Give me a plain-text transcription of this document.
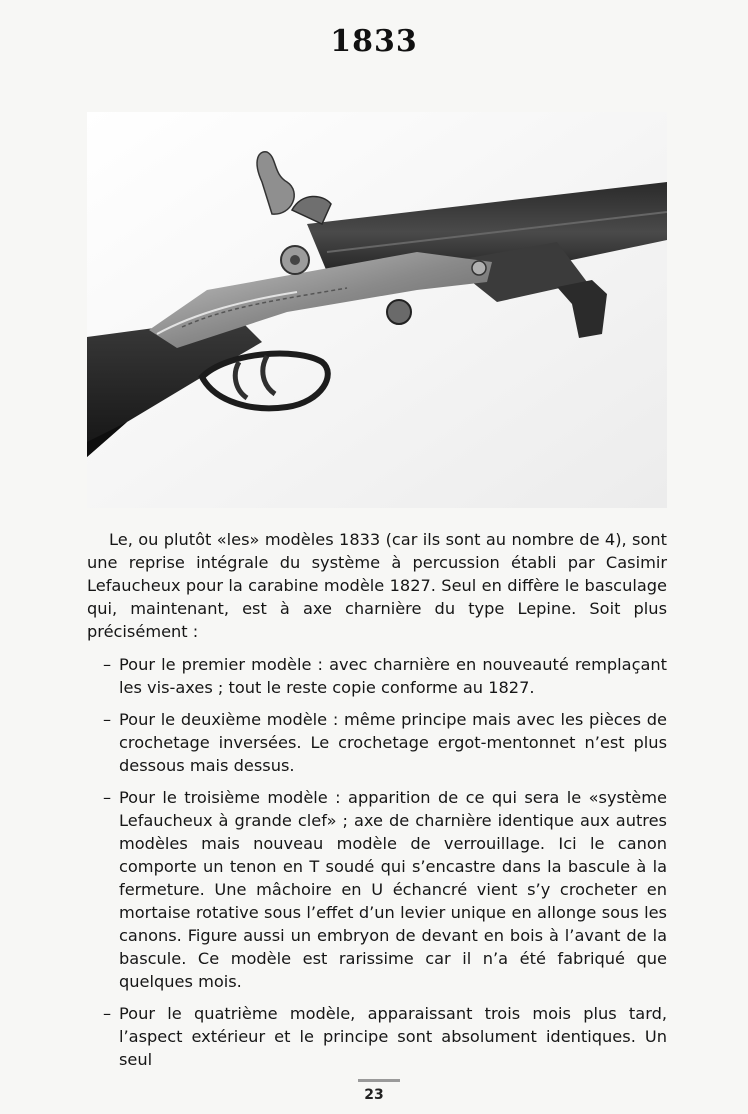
1833

Le, ou plutôt «les» modèles 1833 (car ils sont au nombre de 4), sont une reprise intégrale du système à percussion établi par Casimir Lefaucheux pour la carabine modèle 1827. Seul en diffère le basculage qui, maintenant, est à axe charnière du type Lepine. Soit plus précisément :

– Pour le premier modèle : avec charnière en nouveauté remplaçant les vis-axes ; tout le reste copie conforme au 1827.
– Pour le deuxième modèle : même principe mais avec les pièces de crochetage inversées. Le crochetage ergot-mentonnet n’est plus dessous mais dessus.
– Pour le troisième modèle : apparition de ce qui sera le «système Lefaucheux à grande clef» ; axe de charnière identique aux autres modèles mais nouveau modèle de verrouillage. Ici le canon comporte un tenon en T soudé qui s’encastre dans la bascule à la fermeture. Une mâchoire en U échancré vient s’y crocheter en mortaise rotative sous l’effet d’un levier unique en allonge sous les canons. Figure aussi un embryon de devant en bois à l’avant de la bascule. Ce modèle est rarissime car il n’a été fabriqué que quelques mois.
– Pour le quatrième modèle, apparaissant trois mois plus tard, l’aspect extérieur et le principe sont absolument identiques. Un seul
23
